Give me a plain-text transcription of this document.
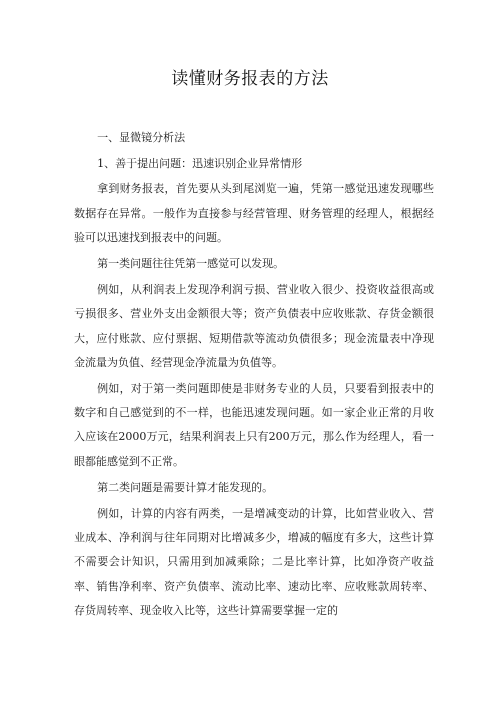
读懂财务报表的方法

一、显微镜分析法

1、善于提出问题：迅速识别企业异常情形

拿到财务报表，首先要从头到尾浏览一遍，凭第一感觉迅速发现哪些数据存在异常。一般作为直接参与经营管理、财务管理的经理人，根据经验可以迅速找到报表中的问题。

第一类问题往往凭第一感觉可以发现。

例如，从利润表上发现净利润亏损、营业收入很少、投资收益很高或亏损很多、营业外支出金额很大等；资产负债表中应收账款、存货金额很大，应付账款、应付票据、短期借款等流动负债很多；现金流量表中净现金流量为负值、经营现金净流量为负值等。

例如，对于第一类问题即使是非财务专业的人员，只要看到报表中的数字和自己感觉到的不一样，也能迅速发现问题。如一家企业正常的月收入应该在2000万元，结果利润表上只有200万元，那么作为经理人，看一眼都能感觉到不正常。

第二类问题是需要计算才能发现的。

例如，计算的内容有两类，一是增减变动的计算，比如营业收入、营业成本、净利润与往年同期对比增减多少，增减的幅度有多大，这些计算不需要会计知识，只需用到加减乘除；二是比率计算，比如净资产收益率、销售净利率、资产负债率、流动比率、速动比率、应收账款周转率、存货周转率、现金收入比等，这些计算需要掌握一定的
